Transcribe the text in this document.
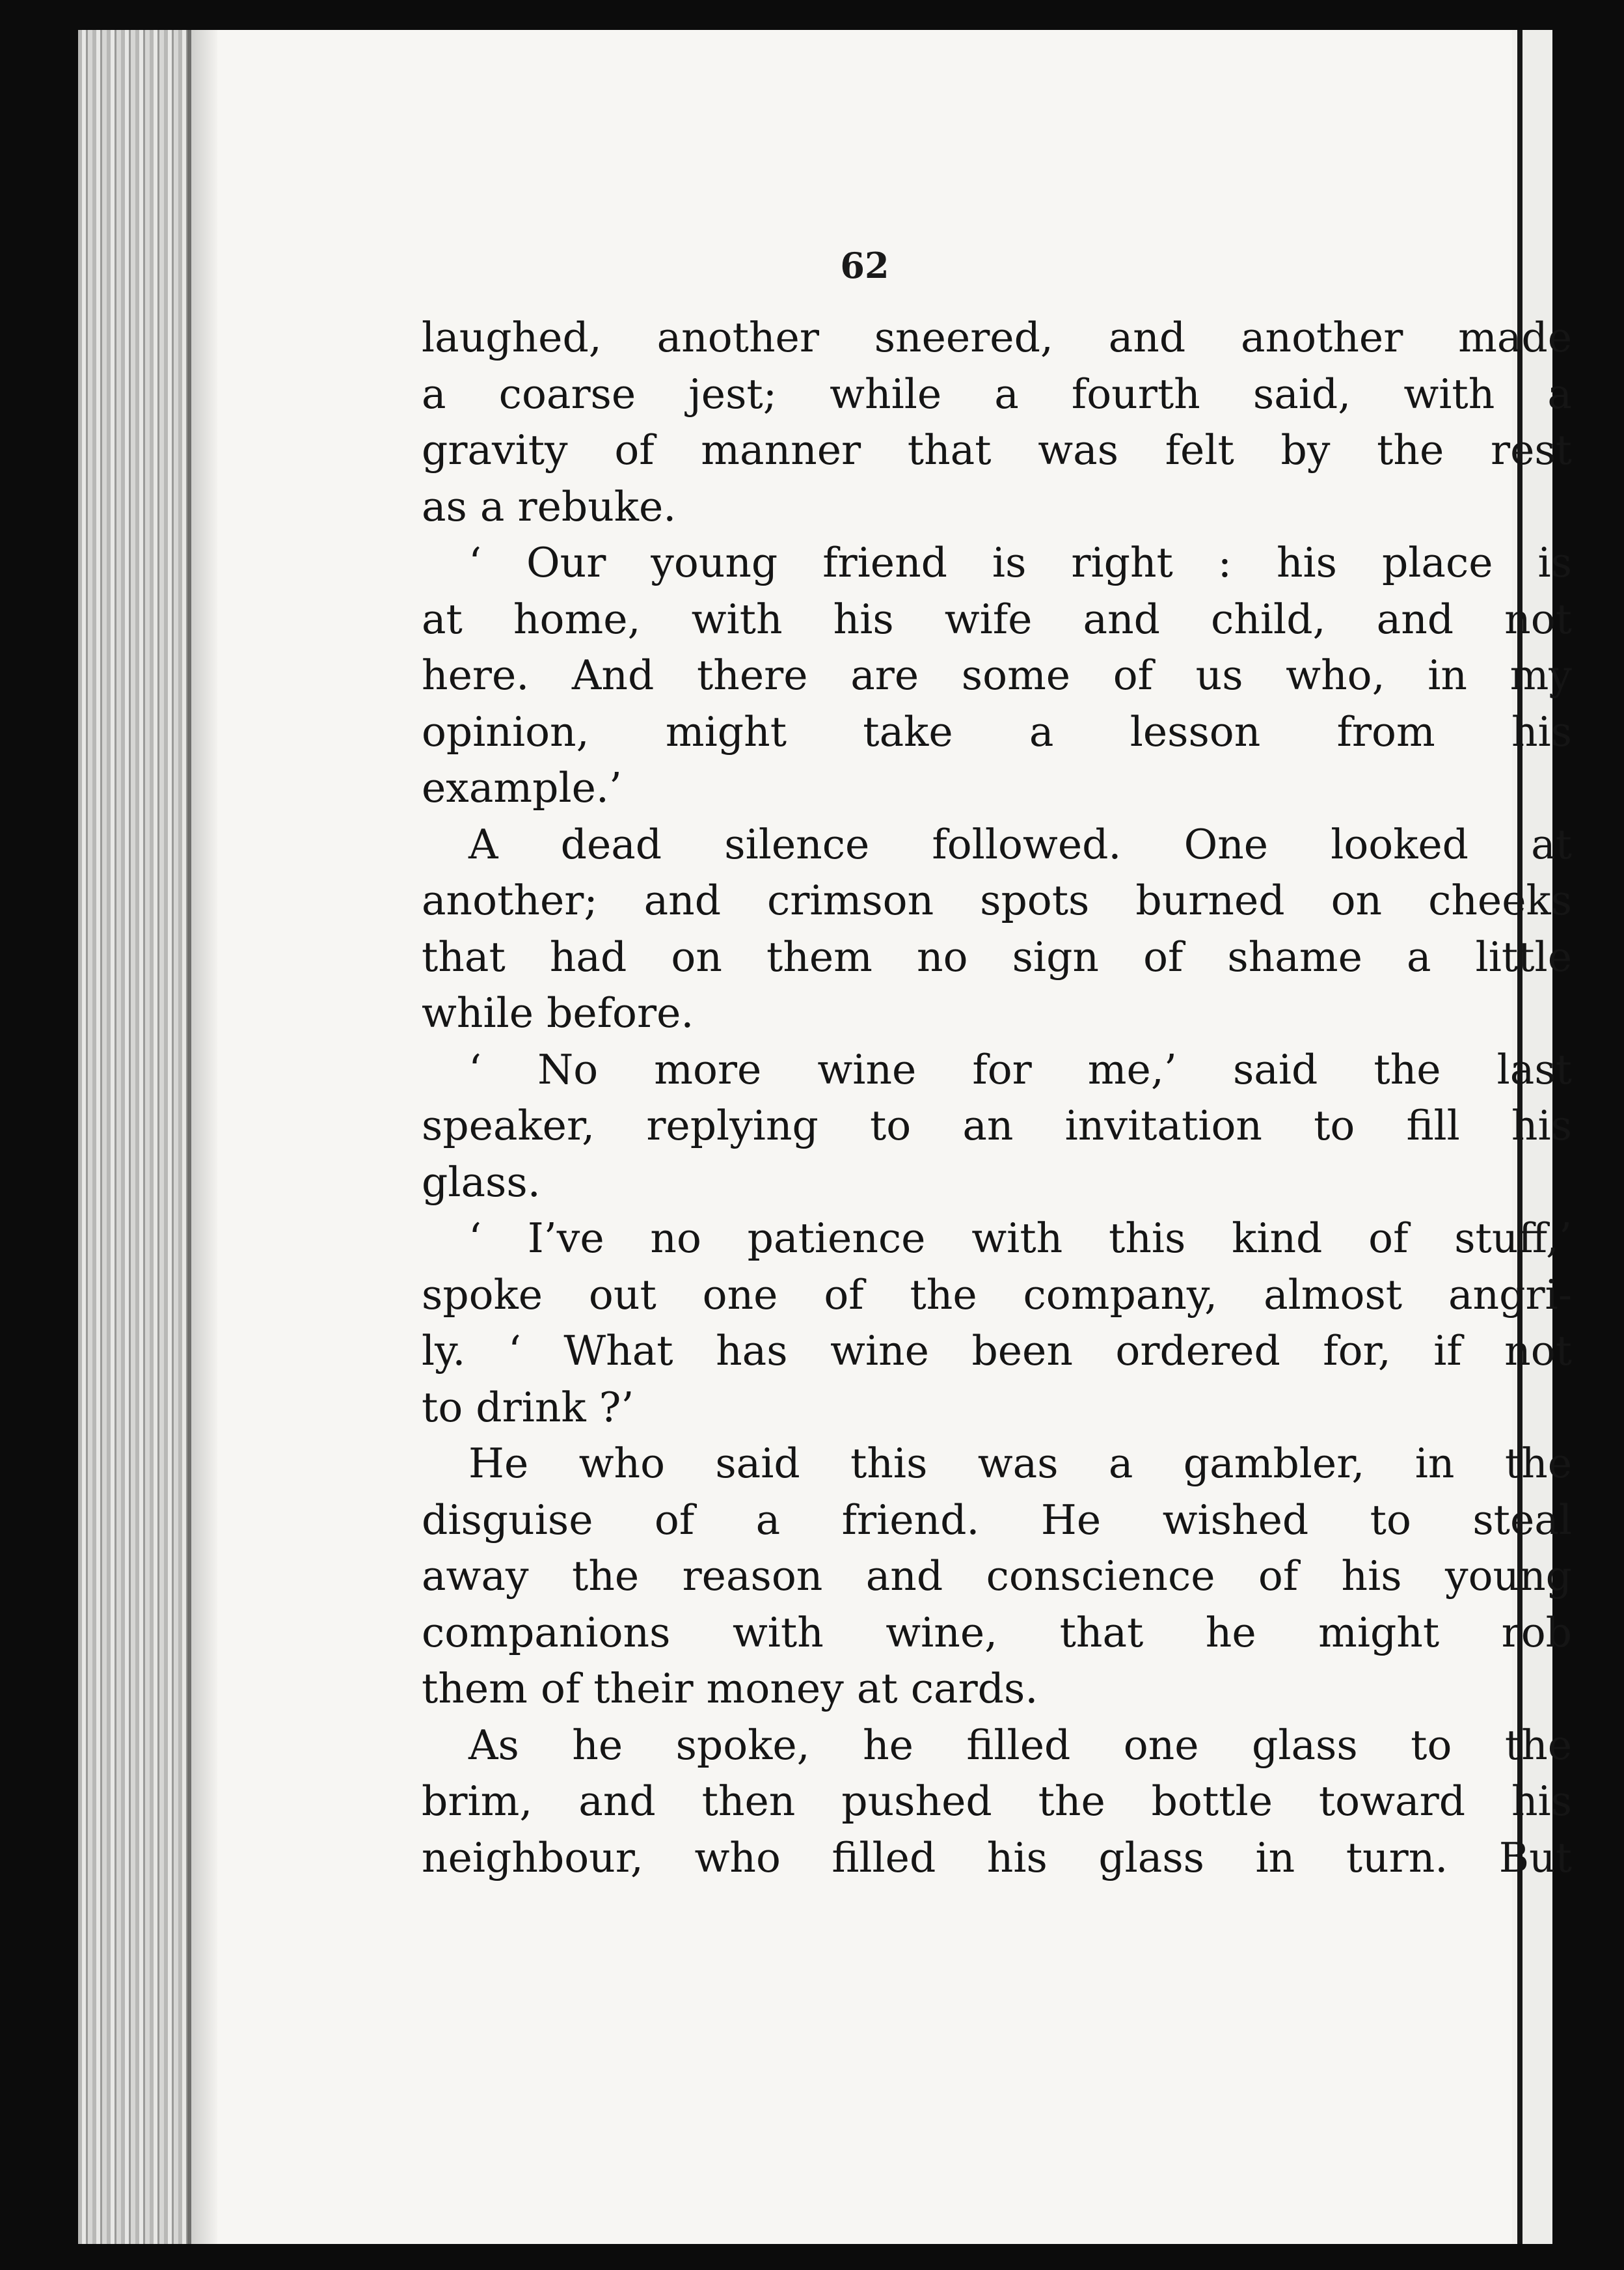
62
laughed, another sneered, and another made
a coarse jest; while a fourth said, with a
gravity of manner that was felt by the rest
as a rebuke.
‘ Our young friend is right : his place is
at home, with his wife and child, and not
here. And there are some of us who, in my
opinion, might take a lesson from his
example.’
A dead silence followed. One looked at
another; and crimson spots burned on cheeks
that had on them no sign of shame a little
while before.
‘ No more wine for me,’ said the last
speaker, replying to an invitation to fill his
glass.
‘ I’ve no patience with this kind of stuff,’
spoke out one of the company, almost angri-
ly. ‘ What has wine been ordered for, if not
to drink ?’
He who said this was a gambler, in the
disguise of a friend. He wished to steal
away the reason and conscience of his young
companions with wine, that he might rob
them of their money at cards.
As he spoke, he filled one glass to the
brim, and then pushed the bottle toward his
neighbour, who filled his glass in turn. But
